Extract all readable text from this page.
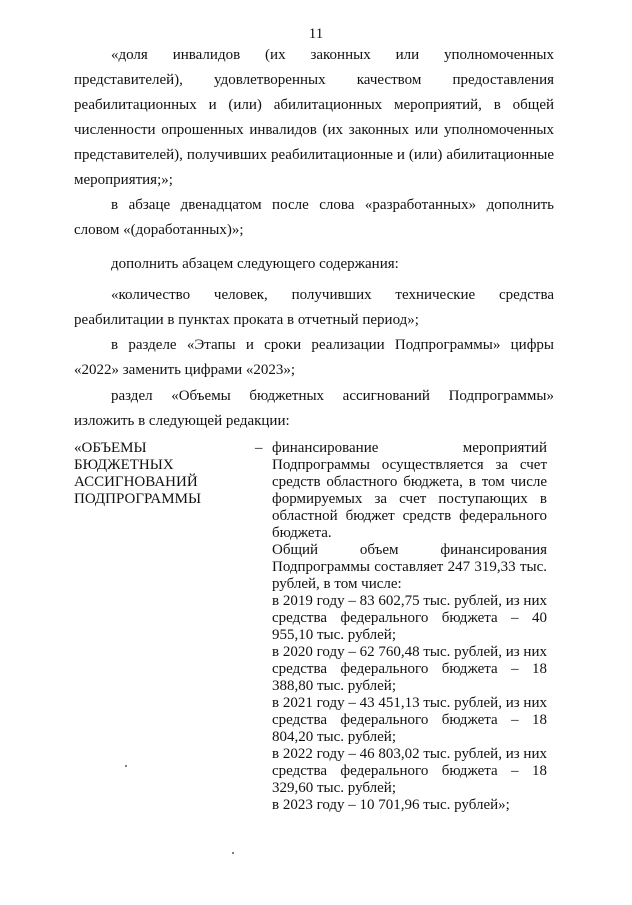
11

«доля инвалидов (их законных или уполномоченных представителей), удовлетворенных качеством предоставления реабилитационных и (или) абилитационных мероприятий, в общей численности опрошенных инвалидов (их законных или уполномоченных представителей), получивших реабилитационные и (или) абилитационные мероприятия;»;

в абзаце двенадцатом после слова «разработанных» дополнить словом «(доработанных)»;

дополнить абзацем следующего содержания:

«количество человек, получивших технические средства реабилитации в пунктах проката в отчетный период»;

в разделе «Этапы и сроки реализации Подпрограммы» цифры «2022» заменить цифрами «2023»;

раздел «Объемы бюджетных ассигнований Подпрограммы» изложить в следующей редакции:

«ОБЪЕМЫ
БЮДЖЕТНЫХ
АССИГНОВАНИЙ
ПОДПРОГРАММЫ
– финансирование мероприятий Подпрограммы осуществляется за счет средств областного бюджета, в том числе формируемых за счет поступающих в областной бюджет средств федерального бюджета.

Общий объем финансирования Подпрограммы составляет 247 319,33 тыс. рублей, в том числе:

в 2019 году – 83 602,75 тыс. рублей, из них средства федерального бюджета – 40 955,10 тыс. рублей;

в 2020 году – 62 760,48 тыс. рублей, из них средства федерального бюджета – 18 388,80 тыс. рублей;

в 2021 году – 43 451,13 тыс. рублей, из них средства федерального бюджета – 18 804,20 тыс. рублей;

в 2022 году – 46 803,02 тыс. рублей, из них средства федерального бюджета – 18 329,60 тыс. рублей;

в 2023 году – 10 701,96 тыс. рублей»;
